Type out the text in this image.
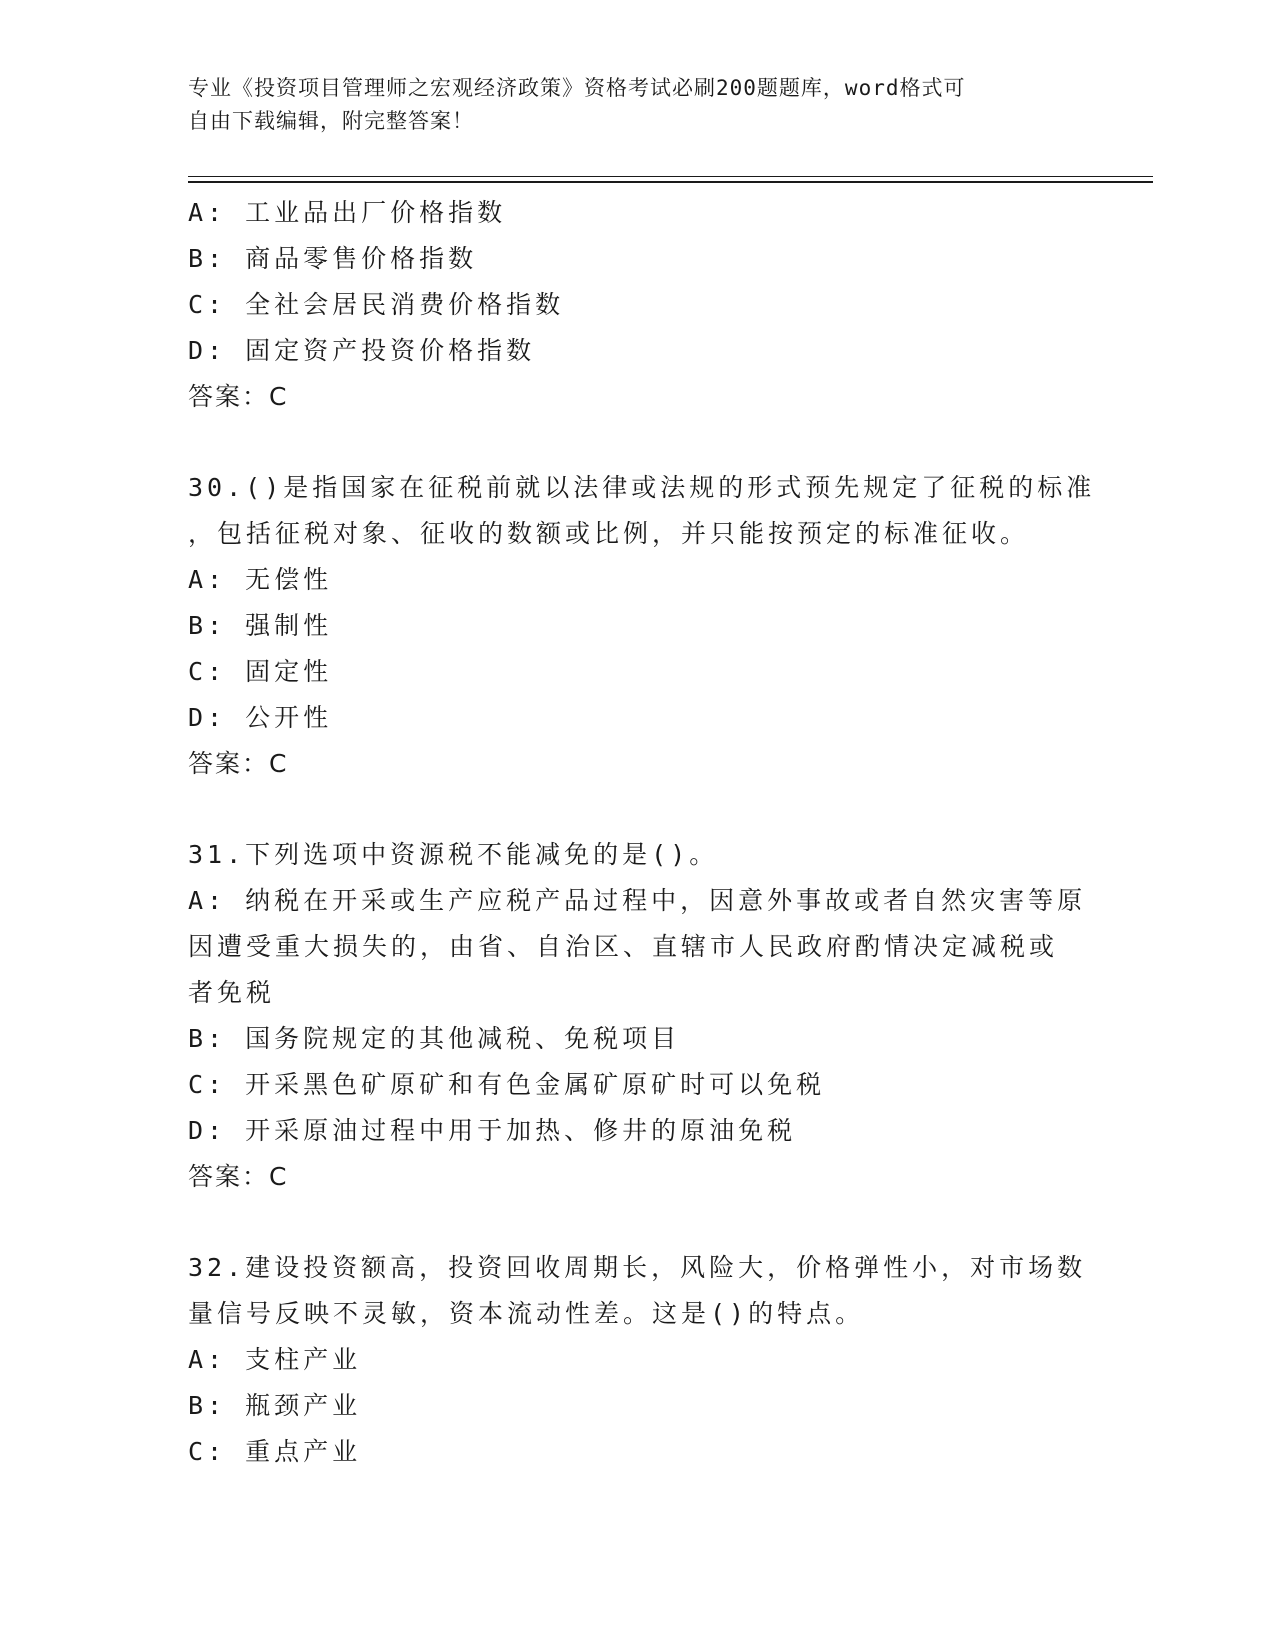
专业《投资项目管理师之宏观经济政策》资格考试必刷200题题库，word格式可
自由下载编辑，附完整答案！
A: 工业品出厂价格指数
B: 商品零售价格指数
C: 全社会居民消费价格指数
D: 固定资产投资价格指数
答案：C
30.()是指国家在征税前就以法律或法规的形式预先规定了征税的标准
，包括征税对象、征收的数额或比例，并只能按预定的标准征收。
A: 无偿性
B: 强制性
C: 固定性
D: 公开性
答案：C
31.下列选项中资源税不能减免的是()。
A: 纳税在开采或生产应税产品过程中，因意外事故或者自然灾害等原
因遭受重大损失的，由省、自治区、直辖市人民政府酌情决定减税或
者免税
B: 国务院规定的其他减税、免税项目
C: 开采黑色矿原矿和有色金属矿原矿时可以免税
D: 开采原油过程中用于加热、修井的原油免税
答案：C
32.建设投资额高，投资回收周期长，风险大，价格弹性小，对市场数
量信号反映不灵敏，资本流动性差。这是()的特点。
A: 支柱产业
B: 瓶颈产业
C: 重点产业
